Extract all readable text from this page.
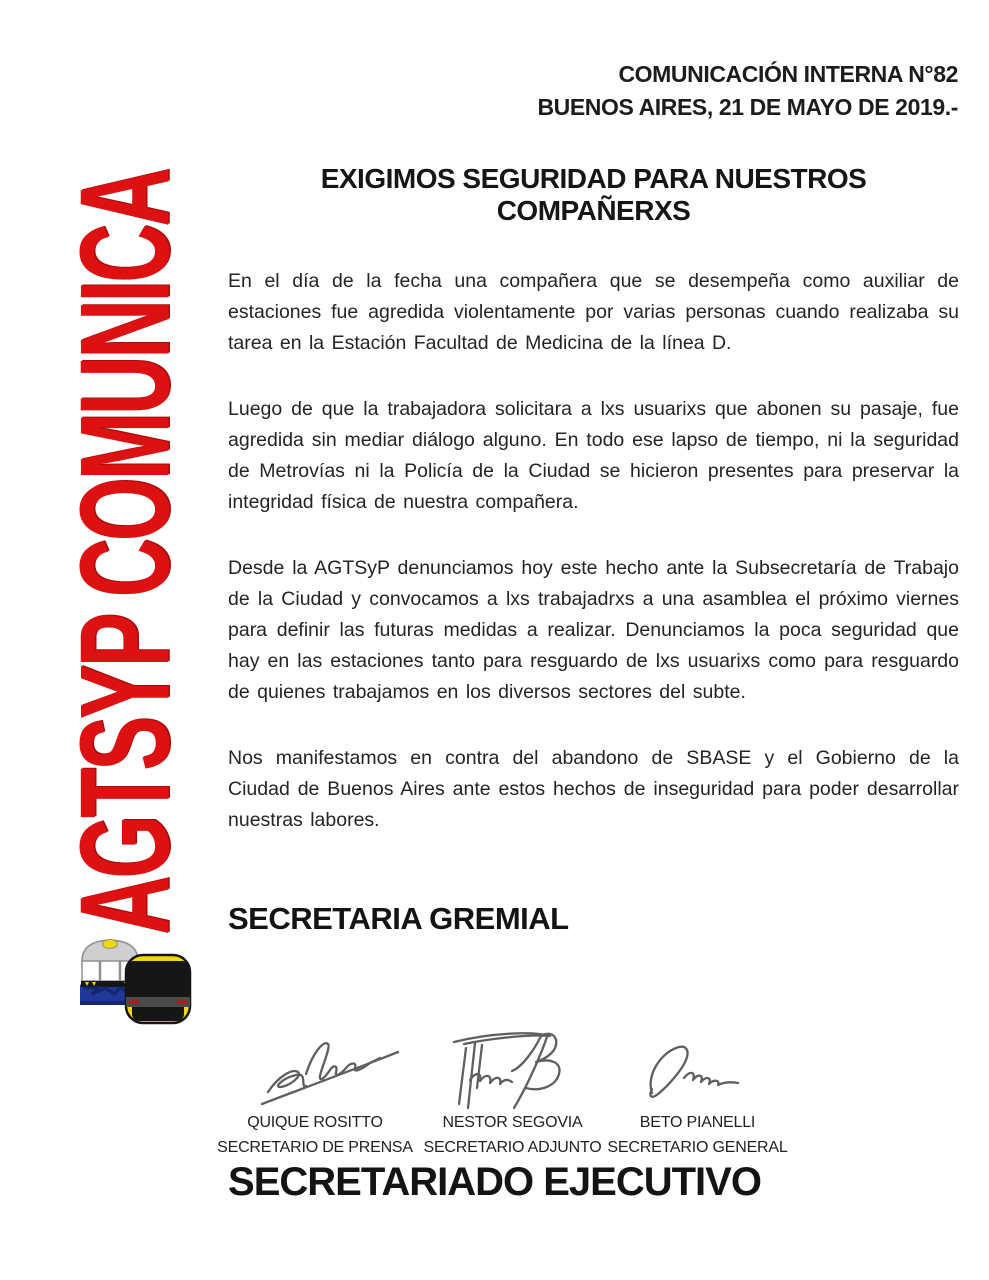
COMUNICACIÓN INTERNA N°82
BUENOS AIRES, 21 DE MAYO DE 2019.-
AGTSYP COMUNICA	EXIGIMOS SEGURIDAD PARA NUESTROS COMPAÑERXS

En el día de la fecha una compañera que se desempeña como auxiliar de estaciones fue agredida violentamente por varias personas cuando realizaba su tarea en la Estación Facultad de Medicina de la línea D.

Luego de que la trabajadora solicitara a lxs usuarixs que abonen su pasaje, fue agredida sin mediar diálogo alguno. En todo ese lapso de tiempo, ni la seguridad de Metrovías ni la Policía de la Ciudad se hicieron presentes para preservar la integridad física de nuestra compañera.

Desde la AGTSyP denunciamos hoy este hecho ante la Subsecretaría de Trabajo de la Ciudad y convocamos a lxs trabajadrxs a una asamblea el próximo viernes para definir las futuras medidas a realizar. Denunciamos la poca seguridad que hay en las estaciones tanto para resguardo de lxs usuarixs como para resguardo de quienes trabajamos en los diversos sectores del subte.

Nos manifestamos en contra del abandono de SBASE y el Gobierno de la Ciudad de Buenos Aires ante estos hechos de inseguridad para poder desarrollar nuestras labores.

SECRETARIA GREMIAL
QUIQUE ROSITTO
SECRETARIO DE PRENSA
NESTOR SEGOVIA
SECRETARIO ADJUNTO
BETO PIANELLI
SECRETARIO GENERAL
SECRETARIADO EJECUTIVO
